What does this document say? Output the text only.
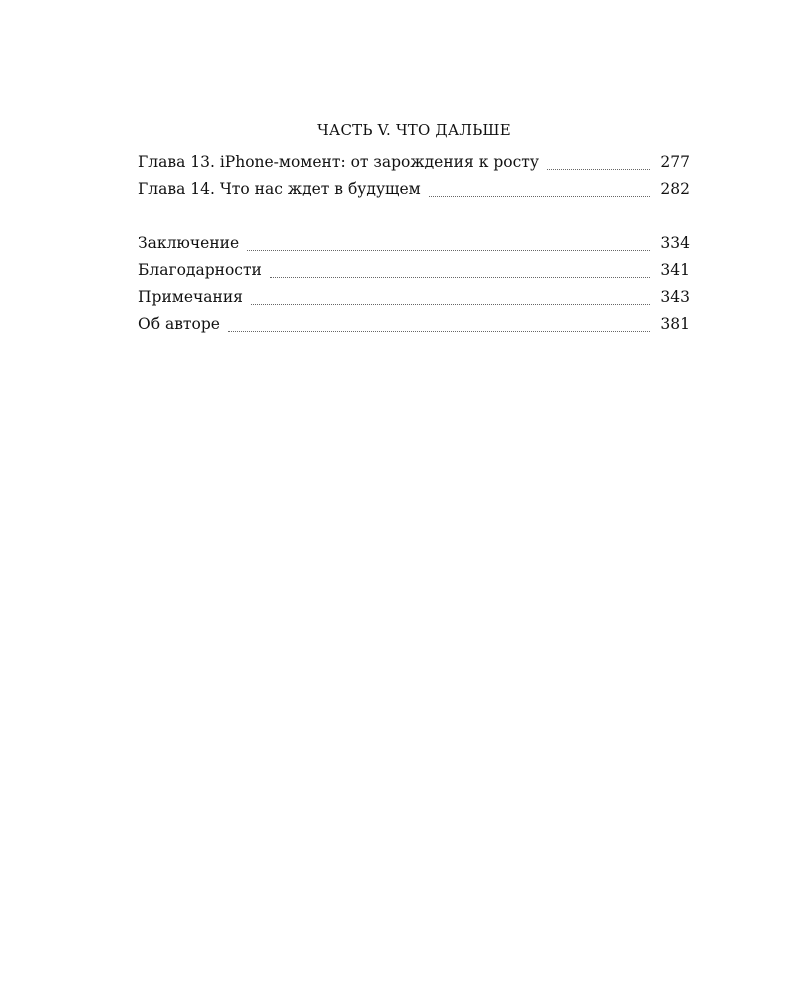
ЧАСТЬ V. ЧТО ДАЛЬШЕ
Глава 13. iPhone-момент: от зарождения к росту	277
Глава 14. Что нас ждет в будущем	282
Заключение	334
Благодарности	341
Примечания	343
Об авторе	381
